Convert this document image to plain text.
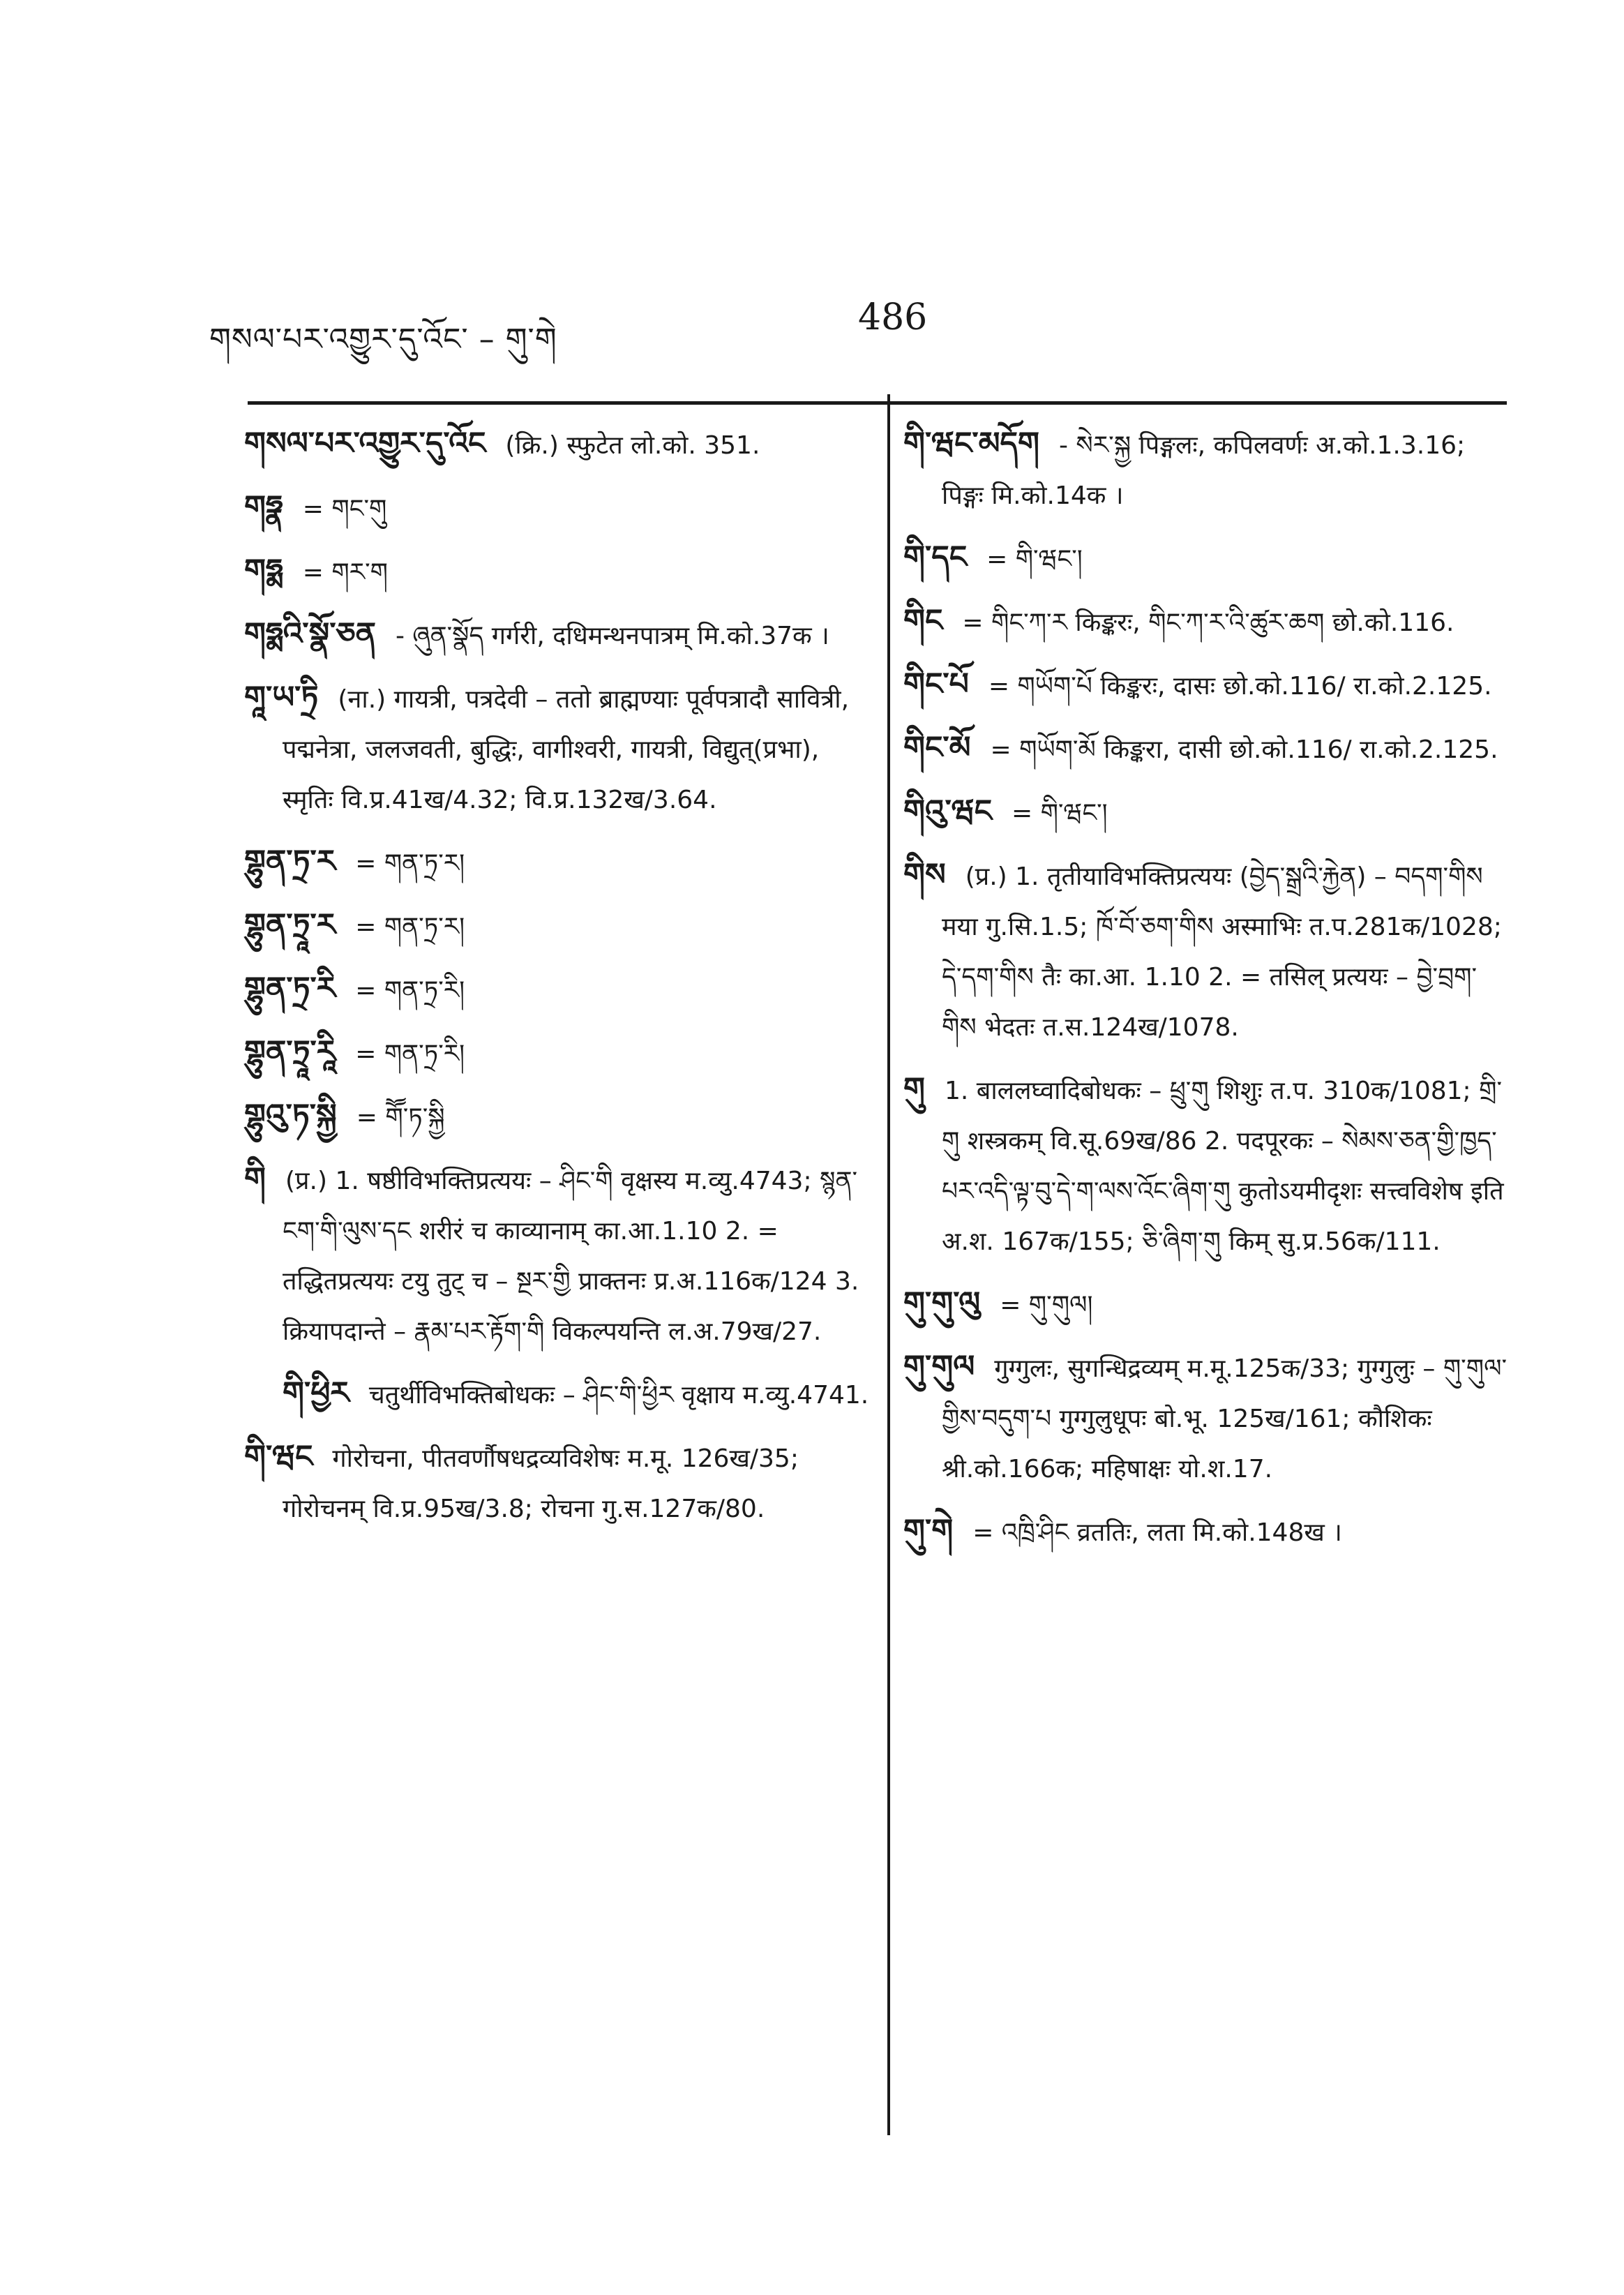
གསལ་པར་འགྱུར་དུ་འོང་ – གུ་གེ
486

གསལ་པར་འགྱུར་དུ་འོང (क्रि.) स्फुटेत लो.को. 351.

གཧྣ = གང་གུ

གཧྨ = གར་ག

གཧྨའི་སྣོ་ཅན - ཞུན་སྣོད गर्गरी, दधिमन्थनपात्रम् मि.को.37क ।

གཱ་ཡ་ཏྲི (ना.) गायत्री, पत्रदेवी – ततो ब्राह्मण्याः पूर्वपत्रादौ सावित्री, पद्मनेत्रा, जलजवती, बुद्धिः, वागीश्वरी, गायत्री, विद्युत्(प्रभा), स्मृतिः वि.प्र.41ख/4.32; वि.प्र.132ख/3.64.

གྷུན་ཏྲ་ར = གན་ཏྲ་ར།

གྷུན་ཏྲཱ་ར = གན་ཏྲ་ར།

གྷུན་ཏྲ་རི = གན་ཏྲ་རི།

གྷུན་ཏྲཱ་རཱི = གན་ཏྲ་རི།

གྷུའུ་ཏ་སྐྱི = གཽ་ཏ་སྐྱི

གི (प्र.) 1. षष्ठीविभक्तिप्रत्ययः – ཤིང་གི वृक्षस्य म.व्यु.4743; སྙན་ངག་གི་ལུས་དང शरीरं च काव्यानाम् का.आ.1.10 2. = तद्धितप्रत्ययः टयु तुट् च – སྔར་གྱི प्राक्तनः प्र.अ.116क/124 3. क्रियापदान्ते – རྣམ་པར་རྟོག་གི विकल्पयन्ति ल.अ.79ख/27.

གི་ཕྱིར चतुर्थीविभक्तिबोधकः – ཤིང་གི་ཕྱིར वृक्षाय म.व्यु.4741.

གི་ཝང गोरोचना, पीतवर्णौषधद्रव्यविशेषः म.मू. 126ख/35; गोरोचनम् वि.प्र.95ख/3.8; रोचना गु.स.127क/80.

གི་ཝང་མདོག - སེར་སྐྱ पिङ्गलः, कपिलवर्णः अ.को.1.3.16; पिङ्गः मि.को.14क ।

གི་དང = གི་ཝང་།

གིང = གིང་ཀ་ར किङ्करः, གིང་ཀ་ར་འི་ཚུར་ཆག छो.को.116.

གིང་པོ = གཡོག་པོ किङ्करः, दासः छो.को.116/ रा.को.2.125.

གིང་མོ = གཡོག་མོ किङ्करा, दासी छो.को.116/ रा.को.2.125.

གིའུ་ཝང = གི་ཝང་།

གིས (प्र.) 1. तृतीयाविभक्तिप्रत्ययः (བྱེད་སྒྲའི་རྐྱེན) – བདག་གིས मया गु.सि.1.5; ཁོ་བོ་ཅག་གིས अस्माभिः त.प.281क/1028; དེ་དག་གིས तैः का.आ. 1.10 2. = तसिल् प्रत्ययः – བྱེ་བྲག་གིས भेदतः त.स.124ख/1078.

གུ 1. बाललघ्वादिबोधकः – ཕྲུ་གུ शिशुः त.प. 310क/1081; གྲི་གུ शस्त्रकम् वि.सू.69ख/86 2. पदपूरकः – སེམས་ཅན་གྱི་ཁྱད་པར་འདི་ལྟ་བུ་དེ་ག་ལས་འོང་ཞིག་གུ कुतोऽयमीदृशः सत्त्वविशेष इति अ.श. 167क/155; ཅི་ཞིག་གུ किम् सु.प्र.56क/111.

གུ་གུ་ལུ = གུ་གུལ།

གུ་གུལ गुग्गुलः, सुगन्धिद्रव्यम् म.मू.125क/33; गुग्गुलुः – གུ་གུལ་གྱིས་བདུག་པ गुग्गुलुधूपः बो.भू. 125ख/161; कौशिकः श्री.को.166क; महिषाक्षः यो.श.17.

གུ་གེ = འཁྲི་ཤིང व्रततिः, लता मि.को.148ख ।
